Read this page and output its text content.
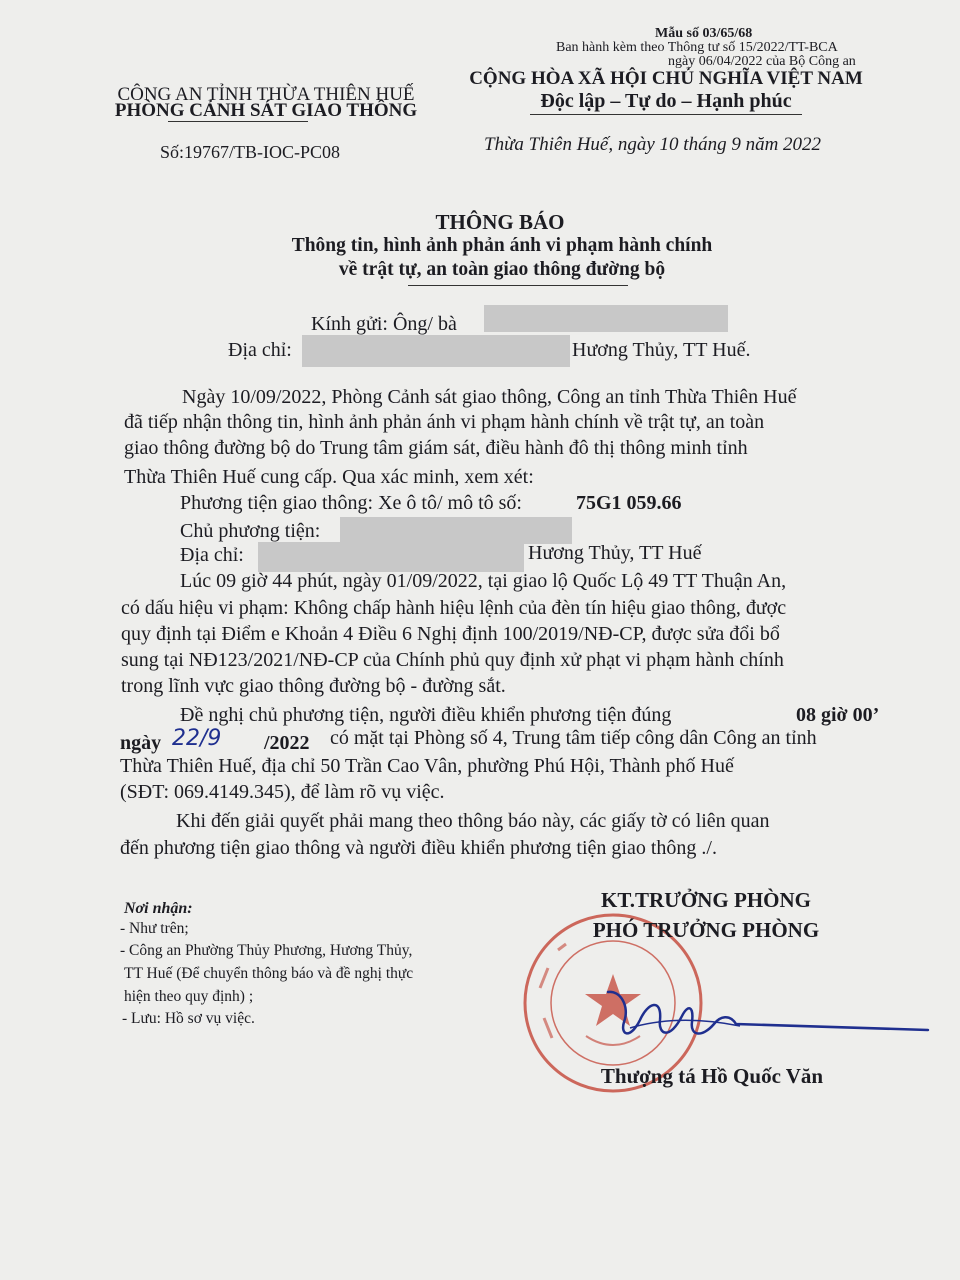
Mẫu số 03/65/68
Ban hành kèm theo Thông tư số 15/2022/TT-BCA
ngày 06/04/2022 của Bộ Công an
CÔNG AN TỈNH THỪA THIÊN HUẾ
PHÒNG CẢNH SÁT GIAO THÔNG
Số:19767/TB-IOC-PC08
CỘNG HÒA XÃ HỘI CHỦ NGHĨA VIỆT NAM
Độc lập – Tự do – Hạnh phúc
Thừa Thiên Huế, ngày 10 tháng 9 năm 2022
THÔNG BÁO
Thông tin, hình ảnh phản ánh vi phạm hành chính
về trật tự, an toàn giao thông đường bộ
Kính gửi: Ông/ bà
Địa chỉ:	Hương Thủy, TT Huế.
Ngày 10/09/2022, Phòng Cảnh sát giao thông, Công an tỉnh Thừa Thiên Huế
đã tiếp nhận thông tin, hình ảnh phản ánh vi phạm hành chính về trật tự, an toàn
giao thông đường bộ do Trung tâm giám sát, điều hành đô thị thông minh tỉnh
Thừa Thiên Huế cung cấp. Qua xác minh, xem xét:
Phương tiện giao thông: Xe ô tô/ mô tô số:	75G1 059.66
Chủ phương tiện:
Địa chỉ:	Hương Thủy, TT Huế
Lúc 09 giờ 44 phút, ngày 01/09/2022, tại giao lộ Quốc Lộ 49 TT Thuận An,
có dấu hiệu vi phạm: Không chấp hành hiệu lệnh của đèn tín hiệu giao thông, được
quy định tại Điểm e Khoản 4 Điều 6 Nghị định 100/2019/NĐ-CP, được sửa đổi bổ
sung tại NĐ123/2021/NĐ-CP của Chính phủ quy định xử phạt vi phạm hành chính
trong lĩnh vực giao thông đường bộ - đường sắt.
Đề nghị chủ phương tiện, người điều khiển phương tiện đúng	08 giờ 00’
ngày 22/9 /2022 có mặt tại Phòng số 4, Trung tâm tiếp công dân Công an tỉnh
Thừa Thiên Huế, địa chỉ 50 Trần Cao Vân, phường Phú Hội, Thành phố Huế
(SĐT: 069.4149.345), để làm rõ vụ việc.
Khi đến giải quyết phải mang theo thông báo này, các giấy tờ có liên quan
đến phương tiện giao thông và người điều khiển phương tiện giao thông ./.
Nơi nhận:
- Như trên;
- Công an Phường Thủy Phương, Hương Thủy,
TT Huế (Để chuyển thông báo và đề nghị thực
hiện theo quy định) ;
- Lưu: Hồ sơ vụ việc.
KT.TRƯỞNG PHÒNG
PHÓ TRƯỞNG PHÒNG
Thượng tá Hồ Quốc Văn
